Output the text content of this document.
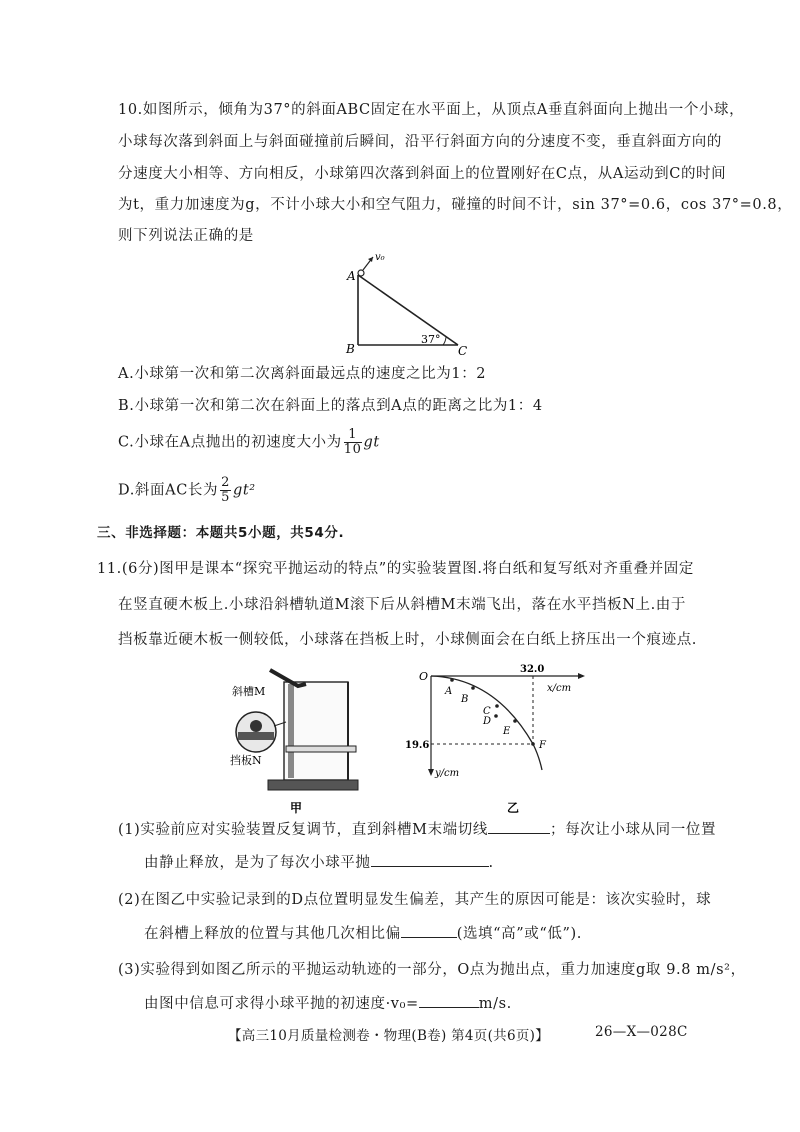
10.如图所示，倾角为37°的斜面ABC固定在水平面上，从顶点A垂直斜面向上抛出一个小球，
小球每次落到斜面上与斜面碰撞前后瞬间，沿平行斜面方向的分速度不变，垂直斜面方向的
分速度大小相等、方向相反，小球第四次落到斜面上的位置刚好在C点，从A运动到C的时间
为t，重力加速度为g，不计小球大小和空气阻力，碰撞的时间不计，sin 37°=0.6，cos 37°=0.8，
则下列说法正确的是
A
B	C
v₀
37°
A.小球第一次和第二次离斜面最远点的速度之比为1：2
B.小球第一次和第二次在斜面上的落点到A点的距离之比为1：4
C.小球在A点抛出的初速度大小为 $\frac{1}{10}$ gt
D.斜面AC长为 $\frac{2}{5} gt^2$
三、非选择题：本题共5小题，共54分.
11.(6分)图甲是课本“探究平抛运动的特点”的实验装置图.将白纸和复写纸对齐重叠并固定
在竖直硬木板上.小球沿斜槽轨道M滚下后从斜槽M末端飞出，落在水平挡板N上.由于
挡板靠近硬木板一侧较低，小球落在挡板上时，小球侧面会在白纸上挤压出一个痕迹点.
斜槽M
挡板N
甲
O
A
B
C
D
E
F
32.0
19.6
x/cm
y/cm
乙
(1)实验前应对实验装置反复调节，直到斜槽M末端切线	；每次让小球从同一位置
由静止释放，是为了每次小球平抛	.
(2)在图乙中实验记录到的D点位置明显发生偏差，其产生的原因可能是：该次实验时，球
在斜槽上释放的位置与其他几次相比偏	(选填“高”或“低”).
(3)实验得到如图乙所示的平抛运动轨迹的一部分，O点为抛出点，重力加速度g取 9.8 m/s²，
由图中信息可求得小球平抛的初速度·v₀=	m/s.
【高三10月质量检测卷・物理(B卷) 第4页(共6页)】	26—X—028C
